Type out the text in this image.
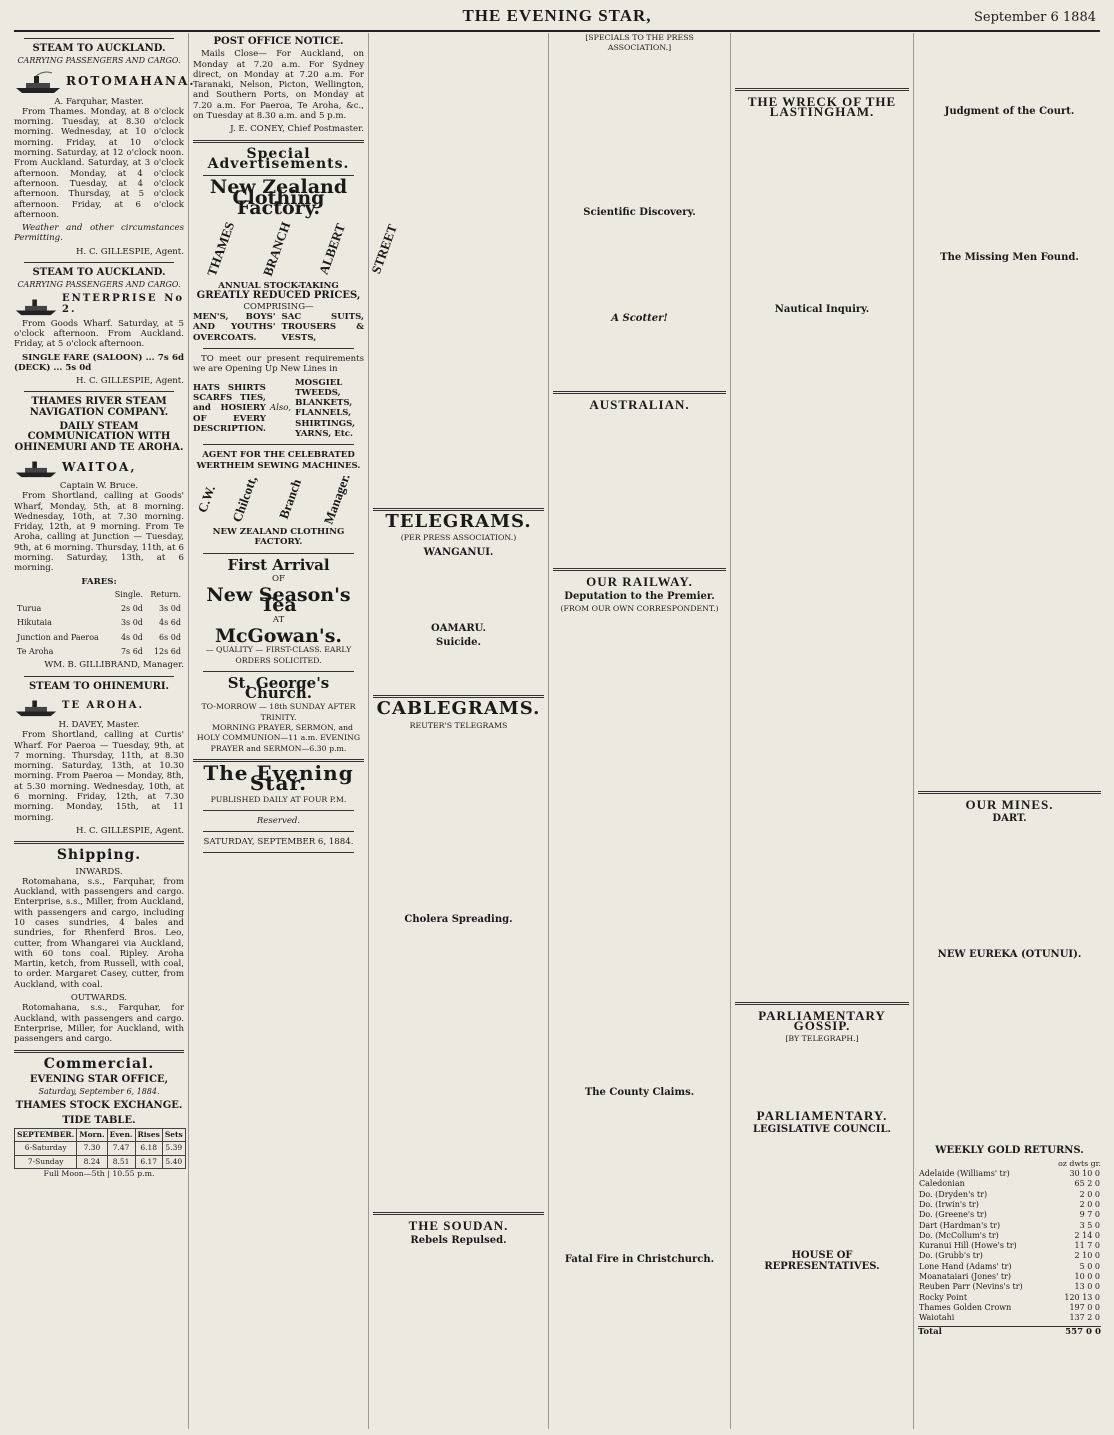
THE EVENING STAR,	September 6 1884
STEAM TO AUCKLAND.
CARRYING PASSENGERS AND CARGO.
ROTOMAHANA.
A. Farquhar, Master.

From Thames. Monday, at 8 o'clock morning. Tuesday, at 8.30 o'clock morning. Wednesday, at 10 o'clock morning. Friday, at 10 o'clock morning. Saturday, at 12 o'clock noon. From Auckland. Saturday, at 3 o'clock afternoon. Monday, at 4 o'clock afternoon. Tuesday, at 4 o'clock afternoon. Thursday, at 5 o'clock afternoon. Friday, at 6 o'clock afternoon.

Weather and other circumstances Permitting.

H. C. GILLESPIE, Agent.
STEAM TO AUCKLAND.
CARRYING PASSENGERS AND CARGO.
ENTERPRISE No 2.

From Goods Wharf. Saturday, at 5 o'clock afternoon. From Auckland. Friday, at 5 o'clock afternoon.

SINGLE FARE (SALOON) ... 7s 6d (DECK) ... 5s 0d

H. C. GILLESPIE, Agent.
THAMES RIVER STEAM NAVIGATION COMPANY.
DAILY STEAM COMMUNICATION WITH OHINEMURI AND TE AROHA.
WAITOA,
Captain W. Bruce.

From Shortland, calling at Goods' Wharf, Monday, 5th, at 8 morning. Wednesday, 10th, at 7.30 morning. Friday, 12th, at 9 morning. From Te Aroha, calling at Junction — Tuesday, 9th, at 6 morning. Thursday, 11th, at 6 morning. Saturday, 13th, at 6 morning.

FARES:
	Single.	Return.
Turua	2s 0d	3s 0d
Hikutaia	3s 0d	4s 6d
Junction and Paeroa	4s 0d	6s 0d
Te Aroha	7s 6d	12s 6d
WM. B. GILLIBRAND, Manager.
STEAM TO OHINEMURI.
TE AROHA.
H. DAVEY, Master.

From Shortland, calling at Curtis' Wharf. For Paeroa — Tuesday, 9th, at 7 morning. Thursday, 11th, at 8.30 morning. Saturday, 13th, at 10.30 morning. From Paeroa — Monday, 8th, at 5.30 morning. Wednesday, 10th, at 6 morning. Friday, 12th, at 7.30 morning. Monday, 15th, at 11 morning.

H. C. GILLESPIE, Agent.
Shipping.
INWARDS.

Rotomahana, s.s., Farquhar, from Auckland, with passengers and cargo. Enterprise, s.s., Miller, from Auckland, with passengers and cargo, including 10 cases sundries, 4 bales and sundries, for Rhenferd Bros. Leo, cutter, from Whangarei via Auckland, with 60 tons coal. Ripley. Aroha Martin, ketch, from Russell, with coal, to order. Margaret Casey, cutter, from Auckland, with coal.

OUTWARDS.

Rotomahana, s.s., Farquhar, for Auckland, with passengers and cargo. Enterprise, Miller, for Auckland, with passengers and cargo.

Commercial.
EVENING STAR OFFICE,
Saturday, September 6, 1884.
THAMES STOCK EXCHANGE.
TIDE TABLE.
SEPTEMBER.	Morn.	Even.	Rises	Sets
6-Saturday	7.30	7.47	6.18	5.39
7-Sunday	8.24	8.51	6.17	5.40
Full Moon—5th | 10.55 p.m.
POST OFFICE NOTICE.

Mails Close— For Auckland, on Monday at 7.20 a.m. For Sydney direct, on Monday at 7.20 a.m. For Taranaki, Nelson, Picton, Wellington, and Southern Ports, on Monday at 7.20 a.m. For Paeroa, Te Aroha, &c., on Tuesday at 8.30 a.m. and 5 p.m.

J. E. CONEY, Chief Postmaster.
Special Advertisements.
New Zealand Clothing Factory.
THAMES BRANCH ALBERT STREET
ANNUAL STOCK-TAKING
GREATLY REDUCED PRICES,
COMPRISING—
MEN'S, BOYS' AND YOUTHS' OVERCOATS.
SAC SUITS, TROUSERS & VESTS,

TO meet our present requirements we are Opening Up New Lines in

HATS SHIRTS SCARFS TIES, and HOSIERY OF EVERY DESCRIPTION.
Also,
MOSGIEL TWEEDS, BLANKETS, FLANNELS, SHIRTINGS, YARNS, Etc.
AGENT FOR THE CELEBRATED WERTHEIM SEWING MACHINES.
C.W. Chilcott, Branch Manager.
NEW ZEALAND CLOTHING FACTORY.
First Arrival
OF
New Season's Tea
AT
McGowan's.
— QUALITY — FIRST-CLASS. EARLY ORDERS SOLICITED.
St. George's Church.
TO-MORROW — 18th SUNDAY AFTER TRINITY.

MORNING PRAYER, SERMON, and HOLY COMMUNION—11 a.m. EVENING PRAYER and SERMON—6.30 p.m.

The Evening Star.
PUBLISHED DAILY AT FOUR P.M.
Reserved.
SATURDAY, SEPTEMBER 6, 1884.
TELEGRAMS.
(PER PRESS ASSOCIATION.)
WANGANUI.
OAMARU.
Suicide.
CABLEGRAMS.
REUTER'S TELEGRAMS
Cholera Spreading.
THE SOUDAN.
Rebels Repulsed.
[SPECIALS TO THE PRESS ASSOCIATION.]
Scientific Discovery.
A Scotter!
AUSTRALIAN.
OUR RAILWAY.
Deputation to the Premier.
(FROM OUR OWN CORRESPONDENT.)
The County Claims.
Fatal Fire in Christchurch.
THE WRECK OF THE LASTINGHAM.
Nautical Inquiry.
PARLIAMENTARY GOSSIP.
[BY TELEGRAPH.]
PARLIAMENTARY.
LEGISLATIVE COUNCIL.
HOUSE OF REPRESENTATIVES.
Judgment of the Court.
The Missing Men Found.
OUR MINES.
DART.
NEW EUREKA (OTUNUI).
WEEKLY GOLD RETURNS.
oz dwts gr.
Adelaide (Williams' tr)	30 10 0
Caledonian	65 2 0
Do. (Dryden's tr)	2 0 0
Do. (Irwin's tr)	2 0 0
Do. (Greene's tr)	9 7 0
Dart (Hardman's tr)	3 5 0
Do. (McCollum's tr)	2 14 0
Kuranui Hill (Howe's tr)	11 7 0
Do. (Grubb's tr)	2 10 0
Lone Hand (Adams' tr)	5 0 0
Moanataiari (Jones' tr)	10 0 0
Reuben Parr (Nevins's tr)	13 0 0
Rocky Point	120 13 0
Thames Golden Crown	197 0 0
Waiotahi	137 2 0
Total	557 0 0
